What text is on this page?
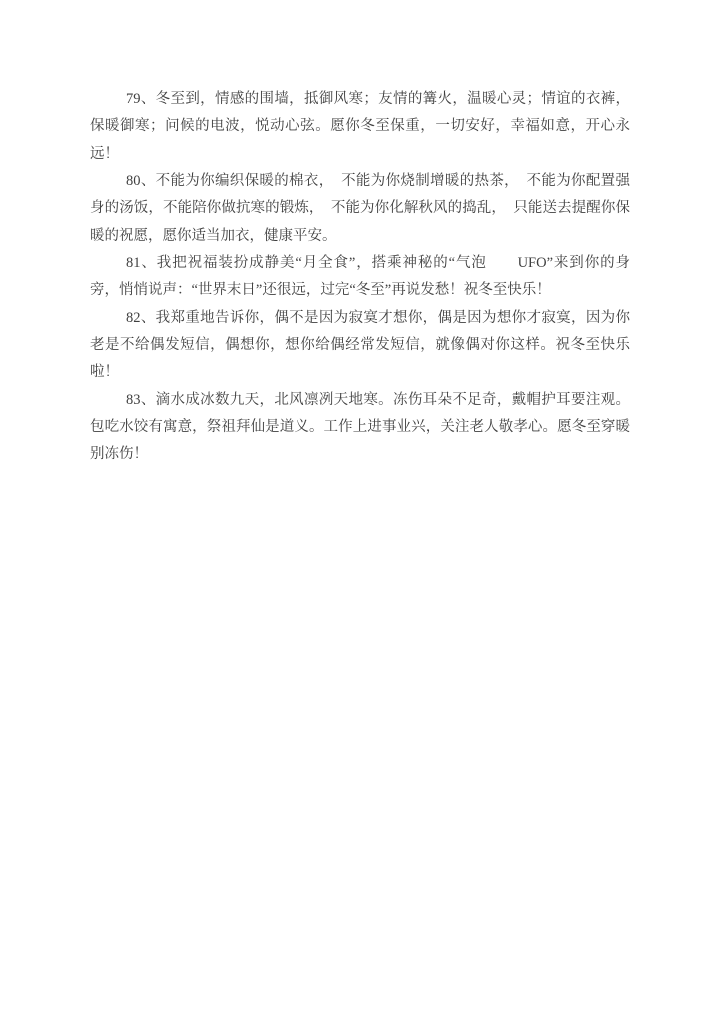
79、冬至到，情感的围墙，抵御风寒；友情的篝火，温暖心灵；情谊的衣裤，保暖御寒；问候的电波，悦动心弦。愿你冬至保重，一切安好，幸福如意，开心永远！

80、不能为你编织保暖的棉衣，　不能为你烧制增暖的热茶，　不能为你配置强身的汤饭，不能陪你做抗寒的锻炼，　不能为你化解秋风的捣乱，　只能送去提醒你保暖的祝愿，愿你适当加衣，健康平安。

81、我把祝福装扮成静美“月全食”，搭乘神秘的“气泡　　UFO”来到你的身旁，悄悄说声：“世界末日”还很远，过完“冬至”再说发愁！祝冬至快乐！

82、我郑重地告诉你，偶不是因为寂寞才想你，偶是因为想你才寂寞，因为你老是不给偶发短信，偶想你，想你给偶经常发短信，就像偶对你这样。祝冬至快乐啦！

83、滴水成冰数九天，北风凛冽天地寒。冻伤耳朵不足奇，戴帽护耳要注观。包吃水饺有寓意，祭祖拜仙是道义。工作上进事业兴，关注老人敬孝心。愿冬至穿暖别冻伤！
